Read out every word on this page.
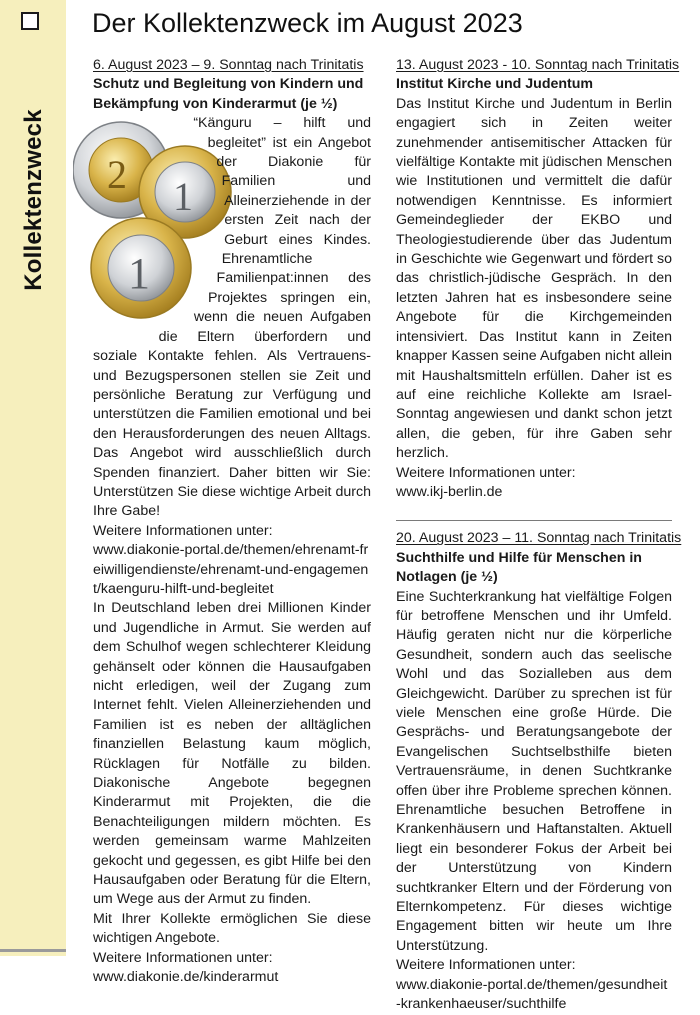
Kollektenzweck
Der Kollektenzweck im August 2023

6. August 2023 – 9. Sonntag nach Trinitatis

Schutz und Begleitung von Kindern und Bekämpfung von Kinderarmut (je ½)

2 1
1
“Känguru – hilft und begleitet” ist ein Angebot der Diakonie für Familien und Alleinerziehende in der ersten Zeit nach der Geburt eines Kindes. Ehrenamtliche Familienpat:innen des Projektes springen ein, wenn die neuen Aufgaben die Eltern überfordern und soziale Kontakte fehlen. Als Vertrauens- und Bezugspersonen stellen sie Zeit und persönliche Beratung zur Verfügung und unterstützen die Familien emotional und bei den Herausforderungen des neuen Alltags. Das Angebot wird ausschließlich durch Spenden finanziert. Daher bitten wir Sie: Unterstützen Sie diese wichtige Arbeit durch Ihre Gabe!

Weitere Informationen unter:

www.diakonie-portal.de/themen/ehrenamt-freiwilligendienste/ehrenamt-und-engagement/kaenguru-hilft-und-begleitet

In Deutschland leben drei Millionen Kinder und Jugendliche in Armut. Sie werden auf dem Schulhof wegen schlechterer Kleidung gehänselt oder können die Hausaufgaben nicht erledigen, weil der Zugang zum Internet fehlt. Vielen Alleinerziehenden und Familien ist es neben der alltäglichen finanziellen Belastung kaum möglich, Rücklagen für Notfälle zu bilden. Diakonische Angebote begegnen Kinderarmut mit Projekten, die die Benachteiligungen mildern möchten. Es werden gemeinsam warme Mahlzeiten gekocht und gegessen, es gibt Hilfe bei den Hausaufgaben oder Beratung für die Eltern, um Wege aus der Armut zu finden.

Mit Ihrer Kollekte ermöglichen Sie diese wichtigen Angebote.

Weitere Informationen unter:

www.diakonie.de/kinderarmut

13. August 2023 - 10. Sonntag nach Trinitatis

Institut Kirche und Judentum

Das Institut Kirche und Judentum in Berlin engagiert sich in Zeiten weiter zunehmender antisemitischer Attacken für vielfältige Kontakte mit jüdischen Menschen wie Institutionen und vermittelt die dafür notwendigen Kenntnisse. Es informiert Gemeindeglieder der EKBO und Theologiestudierende über das Judentum in Geschichte wie Gegenwart und fördert so das christlich-jüdische Gespräch. In den letzten Jahren hat es insbesondere seine Angebote für die Kirchgemeinden intensiviert. Das Institut kann in Zeiten knapper Kassen seine Aufgaben nicht allein mit Haushaltsmitteln erfüllen. Daher ist es auf eine reichliche Kollekte am Israel-Sonntag angewiesen und dankt schon jetzt allen, die geben, für ihre Gaben sehr herzlich.

Weitere Informationen unter:

www.ikj-berlin.de

20. August 2023 – 11. Sonntag nach Trinitatis

Suchthilfe und Hilfe für Menschen in Notlagen (je ½)

Eine Suchterkrankung hat vielfältige Folgen für betroffene Menschen und ihr Umfeld. Häufig geraten nicht nur die körperliche Gesundheit, sondern auch das seelische Wohl und das Sozialleben aus dem Gleichgewicht. Darüber zu sprechen ist für viele Menschen eine große Hürde. Die Gesprächs- und Beratungsangebote der Evangelischen Suchtselbsthilfe bieten Vertrauensräume, in denen Suchtkranke offen über ihre Probleme sprechen können. Ehrenamtliche besuchen Betroffene in Krankenhäusern und Haftanstalten. Aktuell liegt ein besonderer Fokus der Arbeit bei der Unterstützung von Kindern suchtkranker Eltern und der Förderung von Elternkompetenz. Für dieses wichtige Engagement bitten wir heute um Ihre Unterstützung.

Weitere Informationen unter:

www.diakonie-portal.de/themen/gesundheit-krankenhaeuser/suchthilfe
